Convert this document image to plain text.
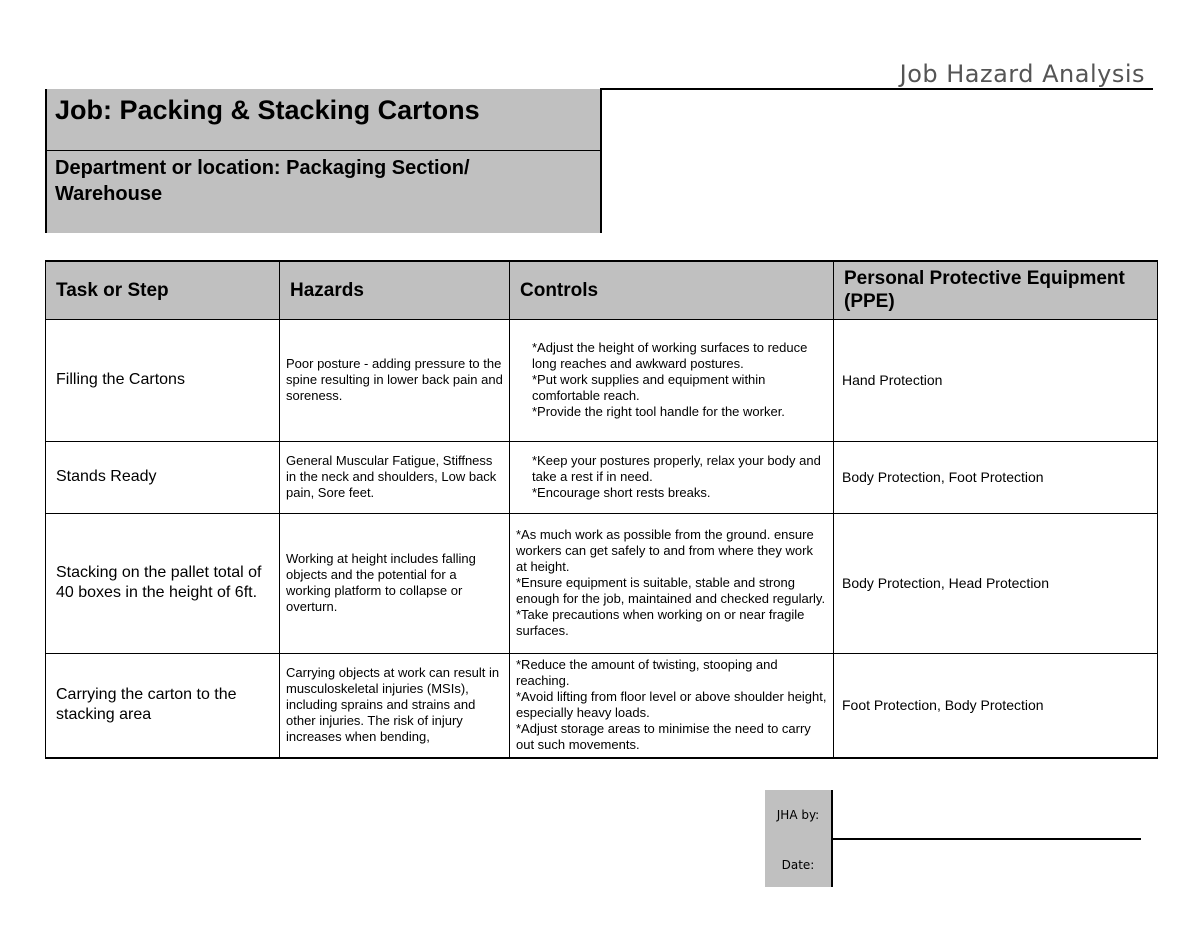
Job Hazard Analysis
Job: Packing & Stacking Cartons
Department or location: Packaging Section/ Warehouse
Task or Step	Hazards	Controls	Personal Protective Equipment (PPE)
Filling the Cartons	Poor posture - adding pressure to the spine resulting in lower back pain and soreness.	*Adjust the height of working surfaces to reduce long reaches and awkward postures.
*Put work supplies and equipment within comfortable reach.
*Provide the right tool handle for the worker.	Hand Protection
Stands Ready	General Muscular Fatigue, Stiffness in the neck and shoulders, Low back pain, Sore feet.	*Keep your postures properly, relax your body and take a rest if in need.
*Encourage short rests breaks.	Body Protection, Foot Protection
Stacking on the pallet total of 40 boxes in the height of 6ft.	Working at height includes falling objects and the potential for a working platform to collapse or overturn.	*As much work as possible from the ground. ensure workers can get safely to and from where they work at height.
*Ensure equipment is suitable, stable and strong enough for the job, maintained and checked regularly.
*Take precautions when working on or near fragile surfaces.	Body Protection, Head Protection
Carrying the carton to the stacking area	Carrying objects at work can result in musculoskeletal injuries (MSIs), including sprains and strains and other injuries. The risk of injury increases when bending,	*Reduce the amount of twisting, stooping and reaching.
*Avoid lifting from floor level or above shoulder height, especially heavy loads.
*Adjust storage areas to minimise the need to carry out such movements.	Foot Protection, Body Protection
JHA by:
Date:
